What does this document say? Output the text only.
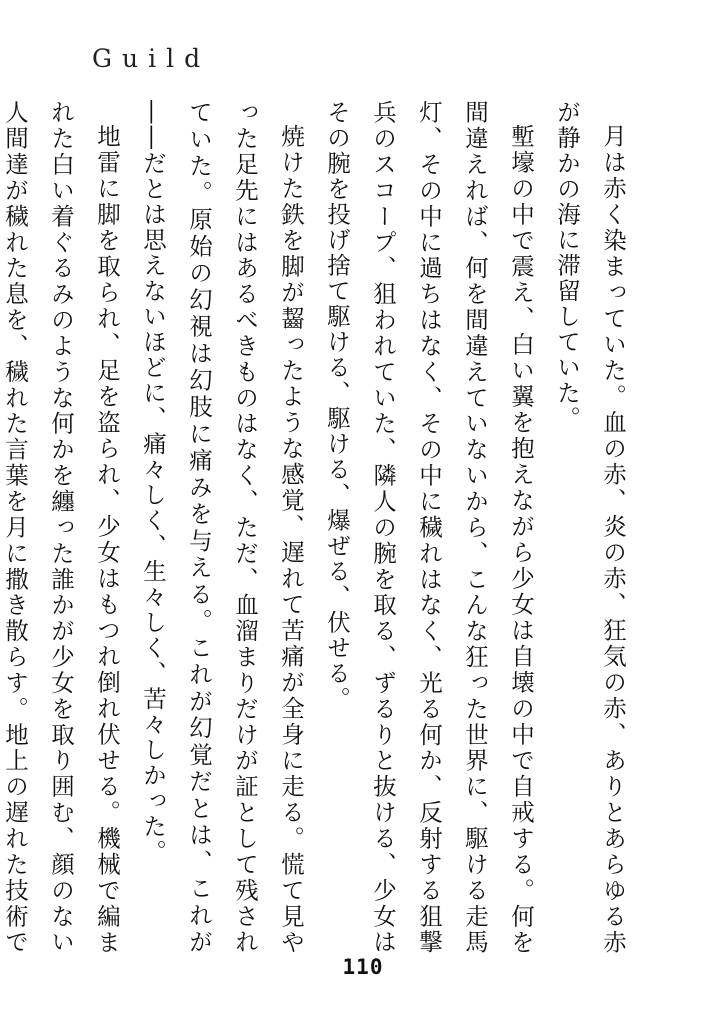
Guild

月は赤く染まっていた。血の赤、炎の赤、狂気の赤、ありとあらゆる赤が静かの海に滞留していた。

塹壕の中で震え、白い翼を抱えながら少女は自壊の中で自戒する。何を間違えれば、何を間違えていないから、こんな狂った世界に、駆ける走馬灯、その中に過ちはなく、その中に穢れはなく、光る何か、反射する狙撃兵のスコープ、狙われていた、隣人の腕を取る、ずるりと抜ける、少女はその腕を投げ捨て駆ける、駆ける、爆ぜる、伏せる。

焼けた鉄を脚が齧ったような感覚、遅れて苦痛が全身に走る。慌て見やった足先にはあるべきものはなく、ただ、血溜まりだけが証として残されていた。原始の幻視は幻肢に痛みを与える。これが幻覚だとは、これが――だとは思えないほどに、痛々しく、生々しく、苦々しかった。

地雷に脚を取られ、足を盗られ、少女はもつれ倒れ伏せる。機械で編まれた白い着ぐるみのような何かを纏った誰かが少女を取り囲む、顔のない人間達が穢れた息を、穢れた言葉を月に撒き散らす。地上の遅れた技術で

110
